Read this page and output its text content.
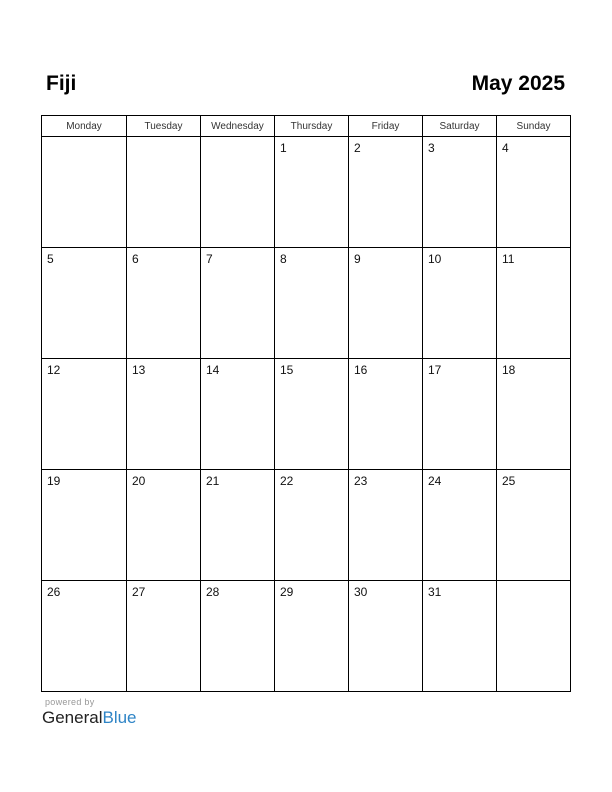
Fiji	May 2025
Monday	Tuesday	Wednesday	Thursday	Friday	Saturday	Sunday

			1	2	3	4

5	6	7	8	9	10	11

12	13	14	15	16	17	18

19	20	21	22	23	24	25

26	27	28	29	30	31	

powered by
GeneralBlue
